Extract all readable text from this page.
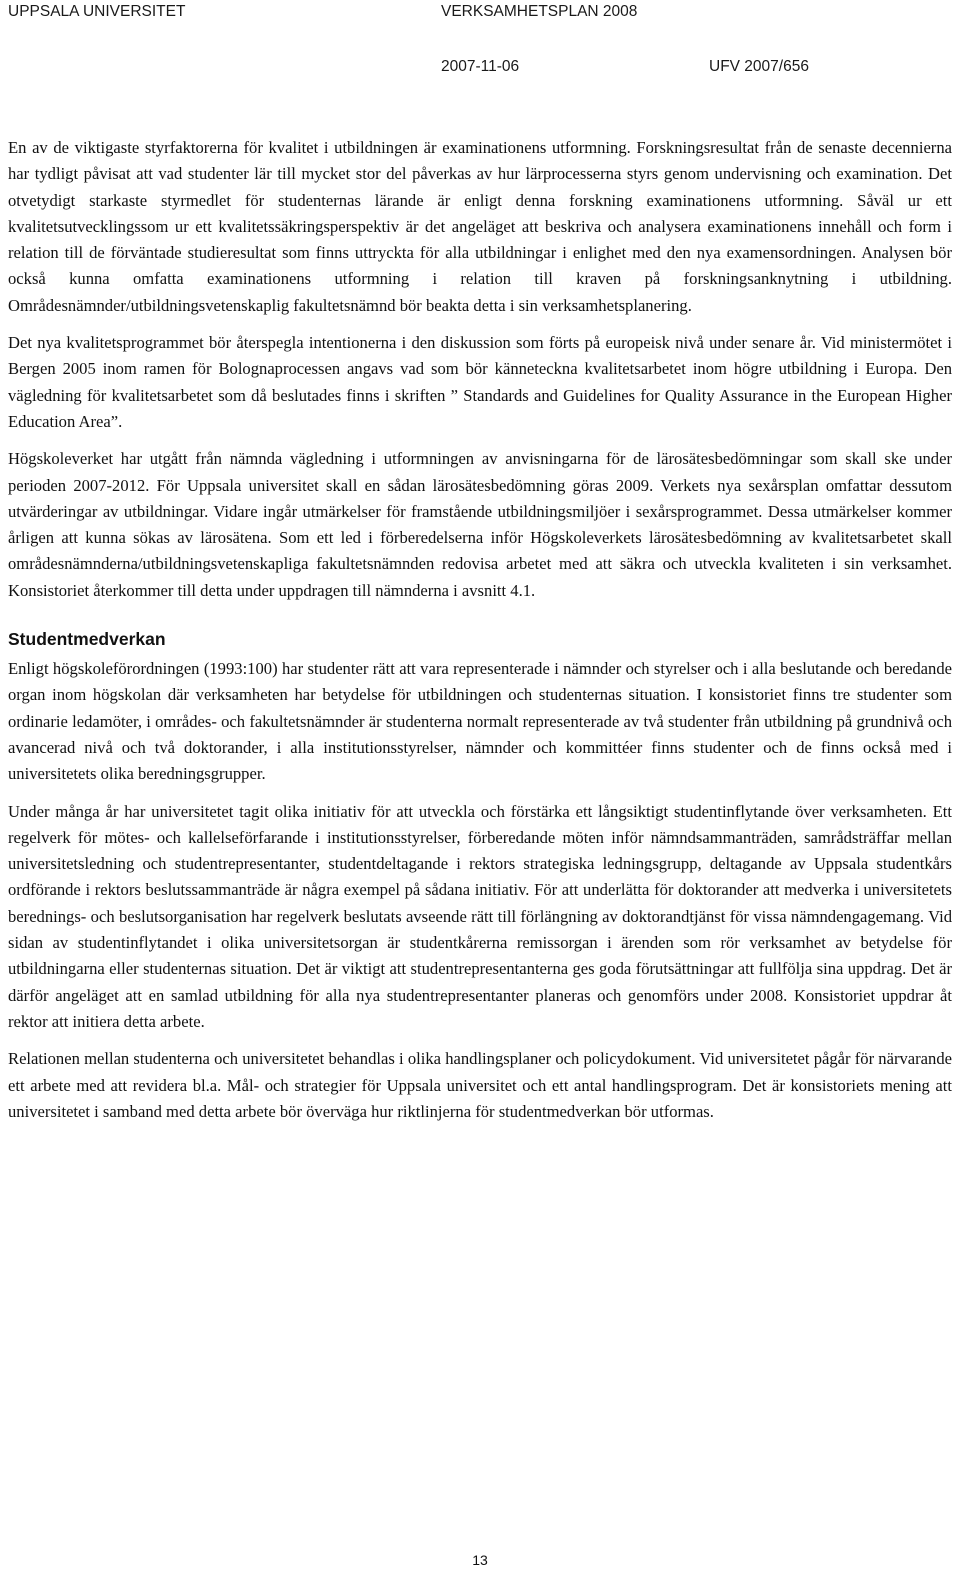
UPPSALA UNIVERSITET	VERKSAMHETSPLAN 2008
2007-11-06	UFV 2007/656

En av de viktigaste styrfaktorerna för kvalitet i utbildningen är examinationens utformning. Forskningsresultat från de senaste decennierna har tydligt påvisat att vad studenter lär till mycket stor del påverkas av hur lärprocesserna styrs genom undervisning och examination. Det otvetydigt starkaste styrmedlet för studenternas lärande är enligt denna forskning examinationens utformning. Såväl ur ett kvalitetsutvecklingssom ur ett kvalitetssäkringsperspektiv är det angeläget att beskriva och analysera examinationens innehåll och form i relation till de förväntade studieresultat som finns uttryckta för alla utbildningar i enlighet med den nya examensordningen. Analysen bör också kunna omfatta examinationens utformning i relation till kraven på forskningsanknytning i utbildning. Områdesnämnder/utbildningsvetenskaplig fakultetsnämnd bör beakta detta i sin verksamhetsplanering.

Det nya kvalitetsprogrammet bör återspegla intentionerna i den diskussion som förts på europeisk nivå under senare år. Vid ministermötet i Bergen 2005 inom ramen för Bolognaprocessen angavs vad som bör känneteckna kvalitetsarbetet inom högre utbildning i Europa. Den vägledning för kvalitetsarbetet som då beslutades finns i skriften ” Standards and Guidelines for Quality Assurance in the European Higher Education Area”.

Högskoleverket har utgått från nämnda vägledning i utformningen av anvisningarna för de lärosätesbedömningar som skall ske under perioden 2007-2012. För Uppsala universitet skall en sådan lärosätesbedömning göras 2009. Verkets nya sexårsplan omfattar dessutom utvärderingar av utbildningar. Vidare ingår utmärkelser för framstående utbildningsmiljöer i sexårsprogrammet. Dessa utmärkelser kommer årligen att kunna sökas av lärosätena. Som ett led i förberedelserna inför Högskoleverkets lärosätesbedömning av kvalitetsarbetet skall områdesnämnderna/utbildningsvetenskapliga fakultetsnämnden redovisa arbetet med att säkra och utveckla kvaliteten i sin verksamhet. Konsistoriet återkommer till detta under uppdragen till nämnderna i avsnitt 4.1.

Studentmedverkan

Enligt högskoleförordningen (1993:100) har studenter rätt att vara representerade i nämnder och styrelser och i alla beslutande och beredande organ inom högskolan där verksamheten har betydelse för utbildningen och studenternas situation. I konsistoriet finns tre studenter som ordinarie ledamöter, i områdes- och fakultetsnämnder är studenterna normalt representerade av två studenter från utbildning på grundnivå och avancerad nivå och två doktorander, i alla institutionsstyrelser, nämnder och kommittéer finns studenter och de finns också med i universitetets olika beredningsgrupper.

Under många år har universitetet tagit olika initiativ för att utveckla och förstärka ett långsiktigt studentinflytande över verksamheten. Ett regelverk för mötes- och kallelseförfarande i institutionsstyrelser, förberedande möten inför nämndsammanträden, samrådsträffar mellan universitetsledning och studentrepresentanter, studentdeltagande i rektors strategiska ledningsgrupp, deltagande av Uppsala studentkårs ordförande i rektors beslutssammanträde är några exempel på sådana initiativ. För att underlätta för doktorander att medverka i universitetets berednings- och beslutsorganisation har regelverk beslutats avseende rätt till förlängning av doktorandtjänst för vissa nämndengagemang. Vid sidan av studentinflytandet i olika universitetsorgan är studentkårerna remissorgan i ärenden som rör verksamhet av betydelse för utbildningarna eller studenternas situation. Det är viktigt att studentrepresentanterna ges goda förutsättningar att fullfölja sina uppdrag. Det är därför angeläget att en samlad utbildning för alla nya studentrepresentanter planeras och genomförs under 2008. Konsistoriet uppdrar åt rektor att initiera detta arbete.

Relationen mellan studenterna och universitetet behandlas i olika handlingsplaner och policydokument. Vid universitetet pågår för närvarande ett arbete med att revidera bl.a. Mål- och strategier för Uppsala universitet och ett antal handlingsprogram. Det är konsistoriets mening att universitetet i samband med detta arbete bör överväga hur riktlinjerna för studentmedverkan bör utformas.

13
